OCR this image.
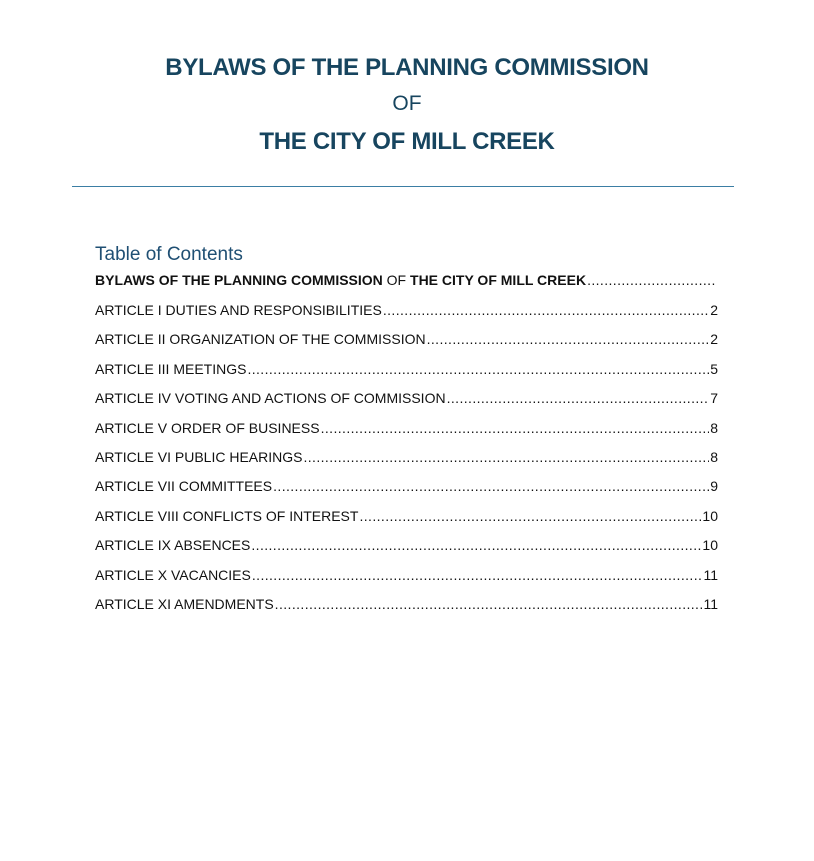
BYLAWS OF THE PLANNING COMMISSION
OF
THE CITY OF MILL CREEK
Table of Contents
BYLAWS OF THE PLANNING COMMISSION OF THE CITY OF MILL CREEK
.....
ARTICLE I DUTIES AND RESPONSIBILITIES .....	2
ARTICLE II ORGANIZATION OF THE COMMISSION .....	2
ARTICLE III MEETINGS .....	5
ARTICLE IV VOTING AND ACTIONS OF COMMISSION .....	7
ARTICLE V ORDER OF BUSINESS .....	8
ARTICLE VI PUBLIC HEARINGS .....	8
ARTICLE VII COMMITTEES .....	9
ARTICLE VIII CONFLICTS OF INTEREST .....	10
ARTICLE IX ABSENCES .....	10
ARTICLE X VACANCIES .....	11
ARTICLE XI AMENDMENTS .....	11
